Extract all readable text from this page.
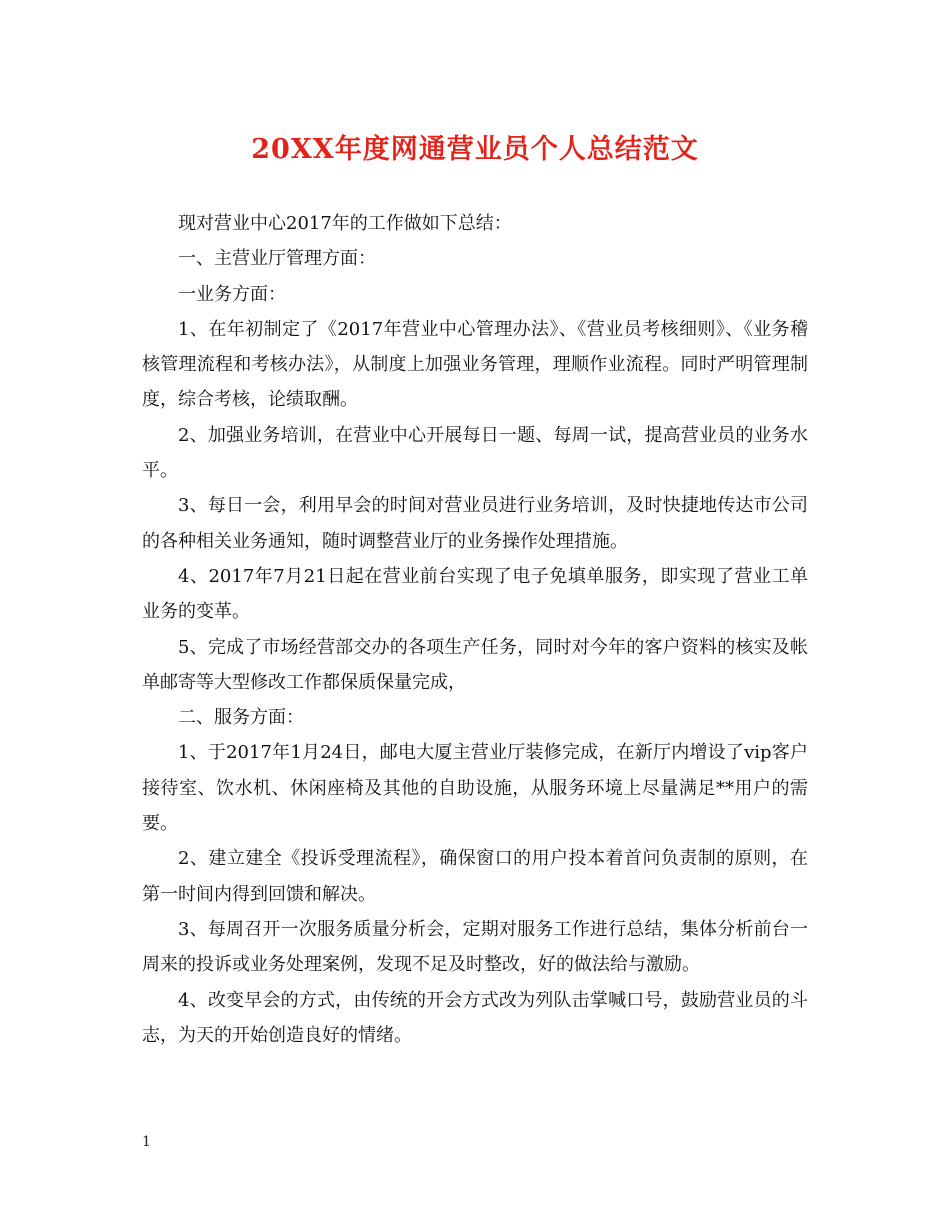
20XX年度网通营业员个人总结范文

现对营业中心2017年的工作做如下总结：

一、主营业厅管理方面：

一业务方面：

1、在年初制定了《2017年营业中心管理办法》、《营业员考核细则》、《业务稽核管理流程和考核办法》，从制度上加强业务管理，理顺作业流程。同时严明管理制度，综合考核，论绩取酬。

2、加强业务培训，在营业中心开展每日一题、每周一试，提高营业员的业务水平。

3、每日一会，利用早会的时间对营业员进行业务培训，及时快捷地传达市公司的各种相关业务通知，随时调整营业厅的业务操作处理措施。

4、2017年7月21日起在营业前台实现了电子免填单服务，即实现了营业工单业务的变革。

5、完成了市场经营部交办的各项生产任务，同时对今年的客户资料的核实及帐单邮寄等大型修改工作都保质保量完成，

二、服务方面：

1、于2017年1月24日，邮电大厦主营业厅装修完成，在新厅内增设了vip客户接待室、饮水机、休闲座椅及其他的自助设施，从服务环境上尽量满足**用户的需要。

2、建立建全《投诉受理流程》，确保窗口的用户投本着首问负责制的原则，在第一时间内得到回馈和解决。

3、每周召开一次服务质量分析会，定期对服务工作进行总结，集体分析前台一周来的投诉或业务处理案例，发现不足及时整改，好的做法给与激励。

4、改变早会的方式，由传统的开会方式改为列队击掌喊口号，鼓励营业员的斗志，为天的开始创造良好的情绪。

1
